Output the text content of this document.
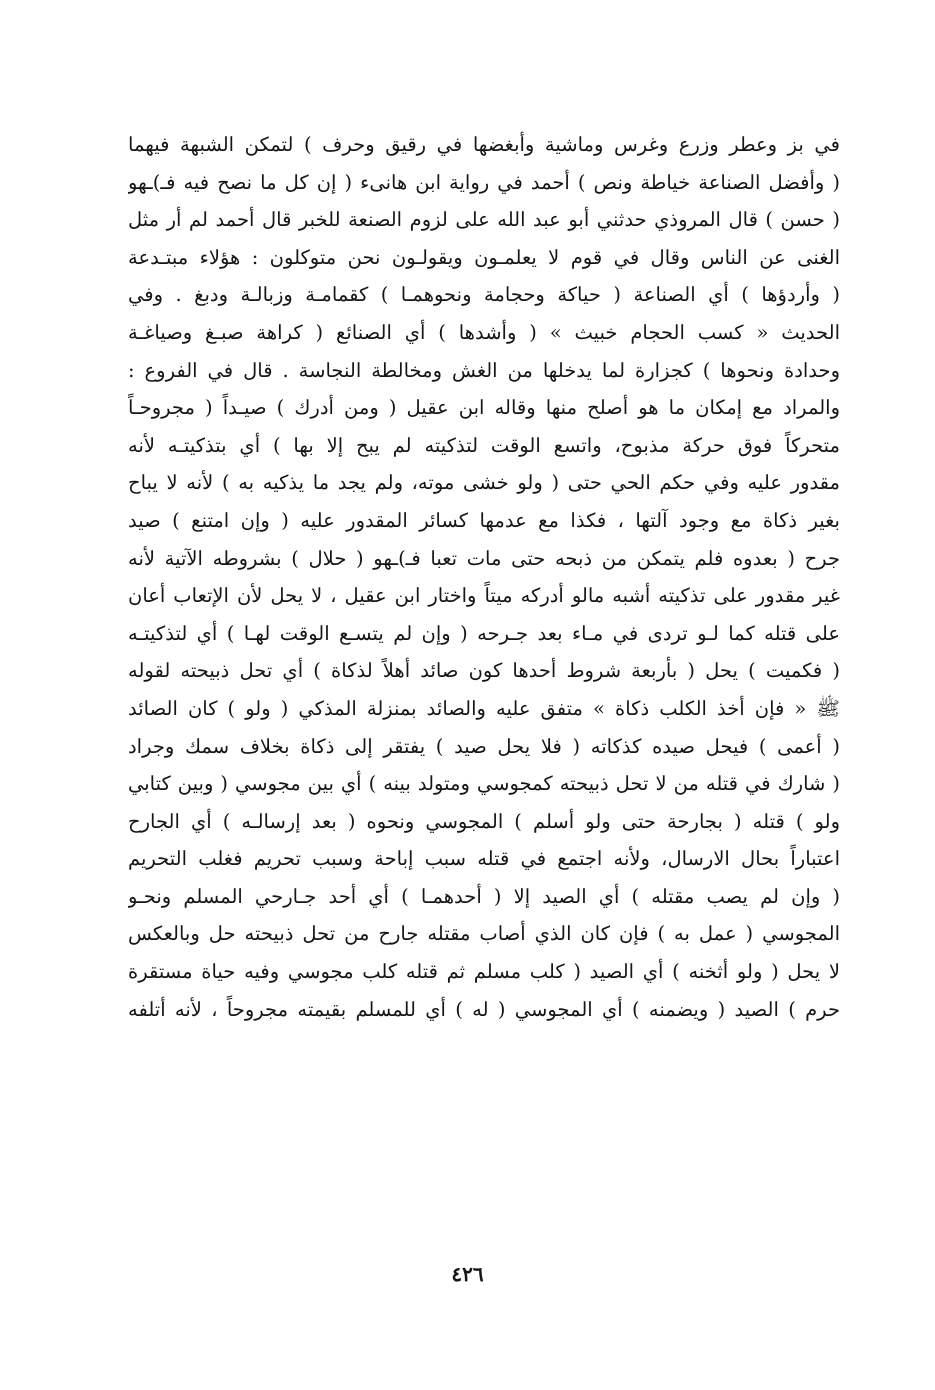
في بز وعطر وزرع وغرس وماشية وأبغضها في رقيق وحرف ) لتمكن الشبهة فيهما
( وأفضل الصناعة خياطة ونص ) أحمد في رواية ابن هانىء ( إن كل ما نصح فيه فـ)ـهو
( حسن ) قال المروذي حدثني أبو عبد الله على لزوم الصنعة للخبر قال أحمد لم أر مثل
الغنى عن الناس وقال في قوم لا يعلمـون ويقولـون نحن متوكلون : هؤلاء مبتـدعة
( وأردؤها ) أي الصناعة ( حياكة وحجامة ونحوهمـا ) كقمامـة وزبالـة ودبغ . وفي
الحديث « كسب الحجام خبيث » ( وأشدها ) أي الصنائع ( كراهة صبـغ وصياغـة
وحدادة ونحوها ) كجزارة لما يدخلها من الغش ومخالطة النجاسة . قال في الفروع :
والمراد مع إمكان ما هو أصلح منها وقاله ابن عقيل ( ومن أدرك ) صيـداً ( مجروحـاً
متحركاً فوق حركة مذبوح، واتسع الوقت لتذكيته لم يبح إلا بها ) أي بتذكيتـه لأنه
مقدور عليه وفي حكم الحي حتى ( ولو خشى موته، ولم يجد ما يذكيه به ) لأنه لا يباح
بغير ذكاة مع وجود آلتها ، فكذا مع عدمها كسائر المقدور عليه ( وإن امتنع ) صيد
جرح ( بعدوه فلم يتمكن من ذبحه حتى مات تعبا فـ)ـهو ( حلال ) بشروطه الآتية لأنه
غير مقدور على تذكيته أشبه مالو أدركه ميتاً واختار ابن عقيل ، لا يحل لأن الإتعاب أعان
على قتله كما لـو تردى في مـاء بعد جـرحه ( وإن لم يتسـع الوقت لهـا ) أي لتذكيتـه
( فكميت ) يحل ( بأربعة شروط أحدها كون صائد أهلاً لذكاة ) أي تحل ذبيحته لقوله
ﷺ « فإن أخذ الكلب ذكاة » متفق عليه والصائد بمنزلة المذكي ( ولو ) كان الصائد
( أعمى ) فيحل صيده كذكاته ( فلا يحل صيد ) يفتقر إلى ذكاة بخلاف سمك وجراد
( شارك في قتله من لا تحل ذبيحته كمجوسي ومتولد بينه ) أي بين مجوسي ( وبين كتابي
ولو ) قتله ( بجارحة حتى ولو أسلم ) المجوسي ونحوه ( بعد إرسالـه ) أي الجارح
اعتباراً بحال الارسال، ولأنه اجتمع في قتله سبب إباحة وسبب تحريم فغلب التحريم
( وإن لم يصب مقتله ) أي الصيد إلا ( أحدهمـا ) أي أحد جـارحي المسلم ونحـو
المجوسي ( عمل به ) فإن كان الذي أصاب مقتله جارح من تحل ذبيحته حل وبالعكس
لا يحل ( ولو أثخنه ) أي الصيد ( كلب مسلم ثم قتله كلب مجوسي وفيه حياة مستقرة
حرم ) الصيد ( ويضمنه ) أي المجوسي ( له ) أي للمسلم بقيمته مجروحاً ، لأنه أتلفه
٤٢٦
